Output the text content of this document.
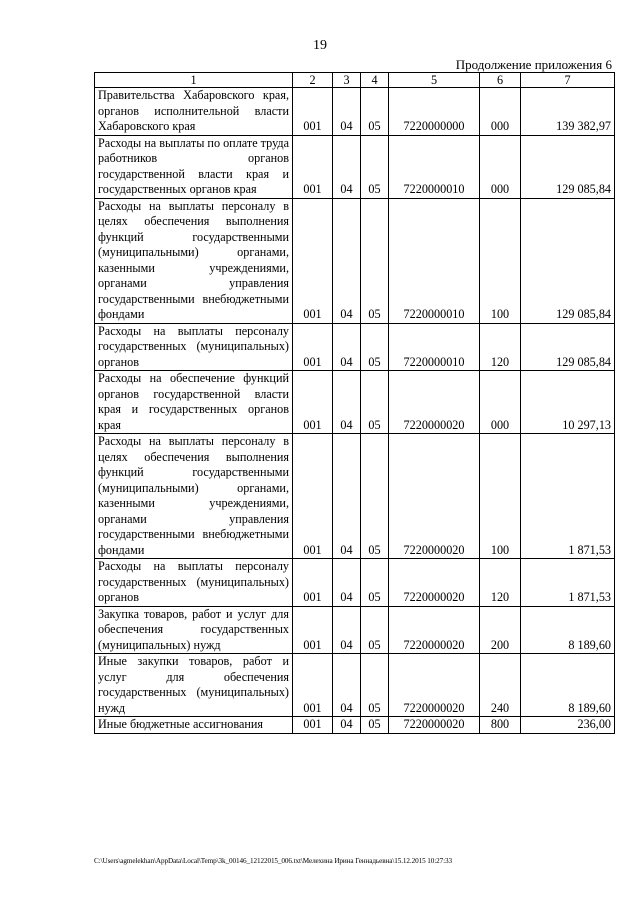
19
Продолжение приложения 6
1	2	3	4	5	6	7
Правительства Хабаровского края, органов исполнительной власти Хабаровского края	001	04	05	7220000000	000	139 382,97
Расходы на выплаты по оплате труда работников органов государственной власти края и государственных органов края	001	04	05	7220000010	000	129 085,84
Расходы на выплаты персоналу в целях обеспечения выполнения функций государственными (муниципальными) органами, казенными учреждениями, органами управления государственными внебюджетными фондами	001	04	05	7220000010	100	129 085,84
Расходы на выплаты персоналу государственных (муниципальных) органов	001	04	05	7220000010	120	129 085,84
Расходы на обеспечение функций органов государственной власти края и государственных органов края	001	04	05	7220000020	000	10 297,13
Расходы на выплаты персоналу в целях обеспечения выполнения функций государственными (муниципальными) органами, казенными учреждениями, органами управления государственными внебюджетными фондами	001	04	05	7220000020	100	1 871,53
Расходы на выплаты персоналу государственных (муниципальных) органов	001	04	05	7220000020	120	1 871,53
Закупка товаров, работ и услуг для обеспечения государственных (муниципальных) нужд	001	04	05	7220000020	200	8 189,60
Иные закупки товаров, работ и услуг для обеспечения государственных (муниципальных) нужд	001	04	05	7220000020	240	8 189,60
Иные бюджетные ассигнования	001	04	05	7220000020	800	236,00
C:\Users\agmelekhan\AppData\Local\Temp\3k_00146_12122015_006.txt\Мелехина Ирина Геннадьевна\15.12.2015 10:27:33
